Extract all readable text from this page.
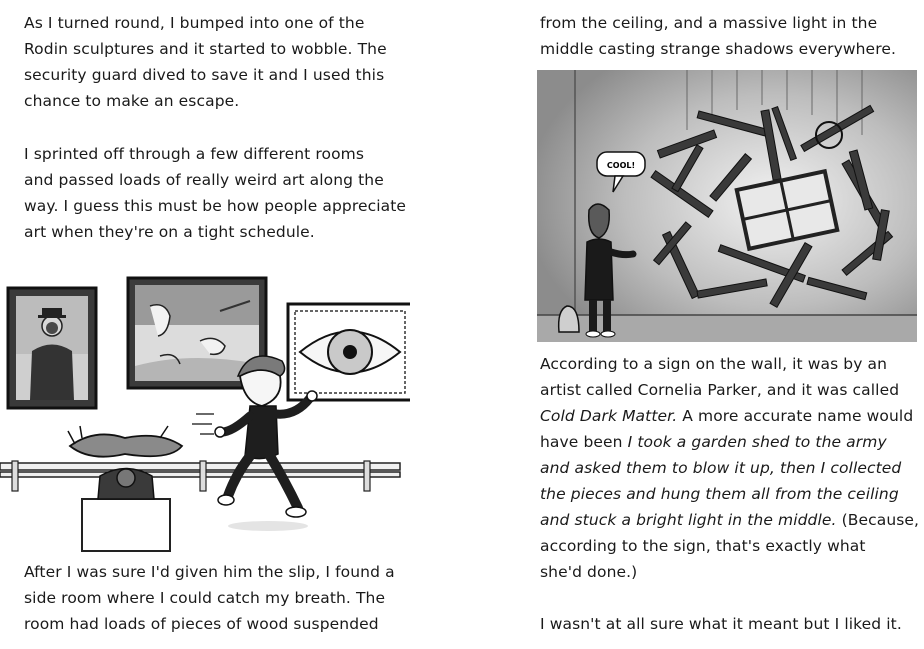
As I turned round, I bumped into one of the
Rodin sculptures and it started to wobble. The
security guard dived to save it and I used this
chance to make an escape.
I sprinted off through a few different rooms
and passed loads of really weird art along the
way. I guess this must be how people appreciate
art when they're on a tight schedule.
After I was sure I'd given him the slip, I found a
side room where I could catch my breath. The
room had loads of pieces of wood suspended
from the ceiling, and a massive light in the
middle casting strange shadows everywhere.
COOL!
According to a sign on the wall, it was by an
artist called Cornelia Parker, and it was called
Cold Dark Matter. A more accurate name would
have been I took a garden shed to the army
and asked them to blow it up, then I collected
the pieces and hung them all from the ceiling
and stuck a bright light in the middle. (Because,
according to the sign, that's exactly what
she'd done.)
I wasn't at all sure what it meant but I liked it.
